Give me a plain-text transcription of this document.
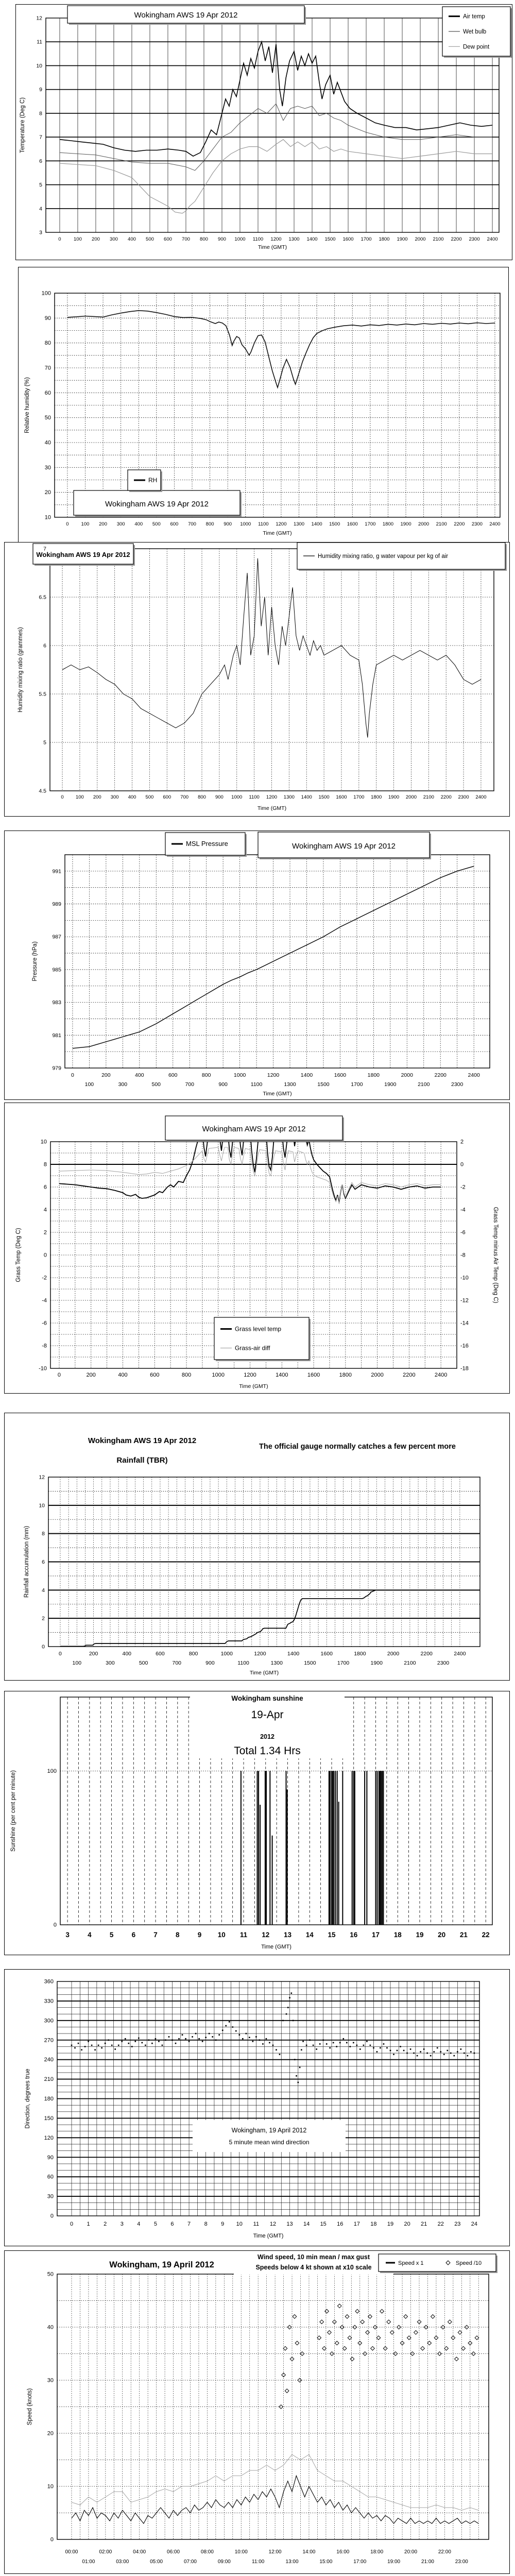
Wokingham AWS 19 Apr 2012	Air temp
Wet bulb
Dew point
0	100 200 300 400 500 600 700 800 900 1000 1100 1200 1300 1400 1500 1600 1700 1800 1900 2000 2100 2200 2300 2400
3
4
5
6
7
8
9
10
11
12
Temperature (Deg C)
Time (GMT)
Wokingham AWS 19 Apr 2012
RH
0	100 200 300 400 500 600 700 800 900 1000 1100 1200 1300 1400 1500 1600 1700 1800 1900 2000 2100 2200 2300 2400
10
20
30
40
50
60
70
80
90
100
Relative humidity (%)
Time (GMT)
Wokingham AWS 19 Apr 2012	Humidity mixing ratio, g water vapour per kg of air
0 100 200 300 400 500 600 700 800 900 1000 1100 1200 1300 1400 1500 1600 1700 1800 1900 2000 2100 2200 2300 2400
4.5
5
5.5
6
6.5
7
Humidity mixing ratio (grammes)
Time (GMT)
Wokingham AWS 19 Apr 2012
MSL Pressure
0	200	400	600	800	1000	1200	1400	1600	1800	2000	2200	2400
100	300	500	700	900	1100	1300	1500	1700	1900	2100	2300
979
981
983
985
987
989
991
Pressure (hPa)
Time (GMT)
Wokingham AWS 19 Apr 2012
Grass level temp
Grass-air diff
0	200	400	600	800	1000	1200	1400	1600	1800	2000	2200	2400
-10
-8
-6
-4
-2
0
2
4
6
8
10
-18
-16
-14
-12
-10
-8
-6
-4
-2
0
2
Grass Temp (Deg C)	Grass Temp minus Air Temp (Deg C)
Time (GMT)
Wokingham AWS 19 Apr 2012
Rainfall (TBR)
The official gauge normally catches a few percent more
0	200	400	600	800	1000	1200	1400	1600	1800	2000	2200	2400
100	300	500	700	900	1100	1300	1500	1700	1900	2100	2300
0
2
4
6
8
10
12
Rainfall accumulation (mm)
Time (GMT)
Wokingham sunshine
19-Apr
2012
Total 1.34 Hrs
3	4	5	6	7	8	9 10 11 12 13 14 15 16 17 18 19 20 21 22
0
100
Sunshine (per cent per minute)
Time (GMT)
Wokingham, 19 April 2012
5 minute mean wind direction
0 1 2 3 4 5 6 7 8 9 10 11 12 13 14 15 16 17 18 19 20 21 22 23 24
0
30
60
90
120
150
180
210
240
270
300
330
360
Direction, degrees true
Time (GMT)
Wokingham, 19 April 2012
Wind speed, 10 min mean / max gust
Speeds below 4 kt shown at x10 scale
Speed x 1	Speed /10
00:00	02:00	04:00	06:00	08:00	10:00	12:00	14:00	16:00	18:00	20:00	22:00
01:00	03:00	05:00	07:00	09:00	11:00	13:00	15:00	17:00	19:00	21:00	23:00
0
10
20
30
40
50
Speed (knots)
